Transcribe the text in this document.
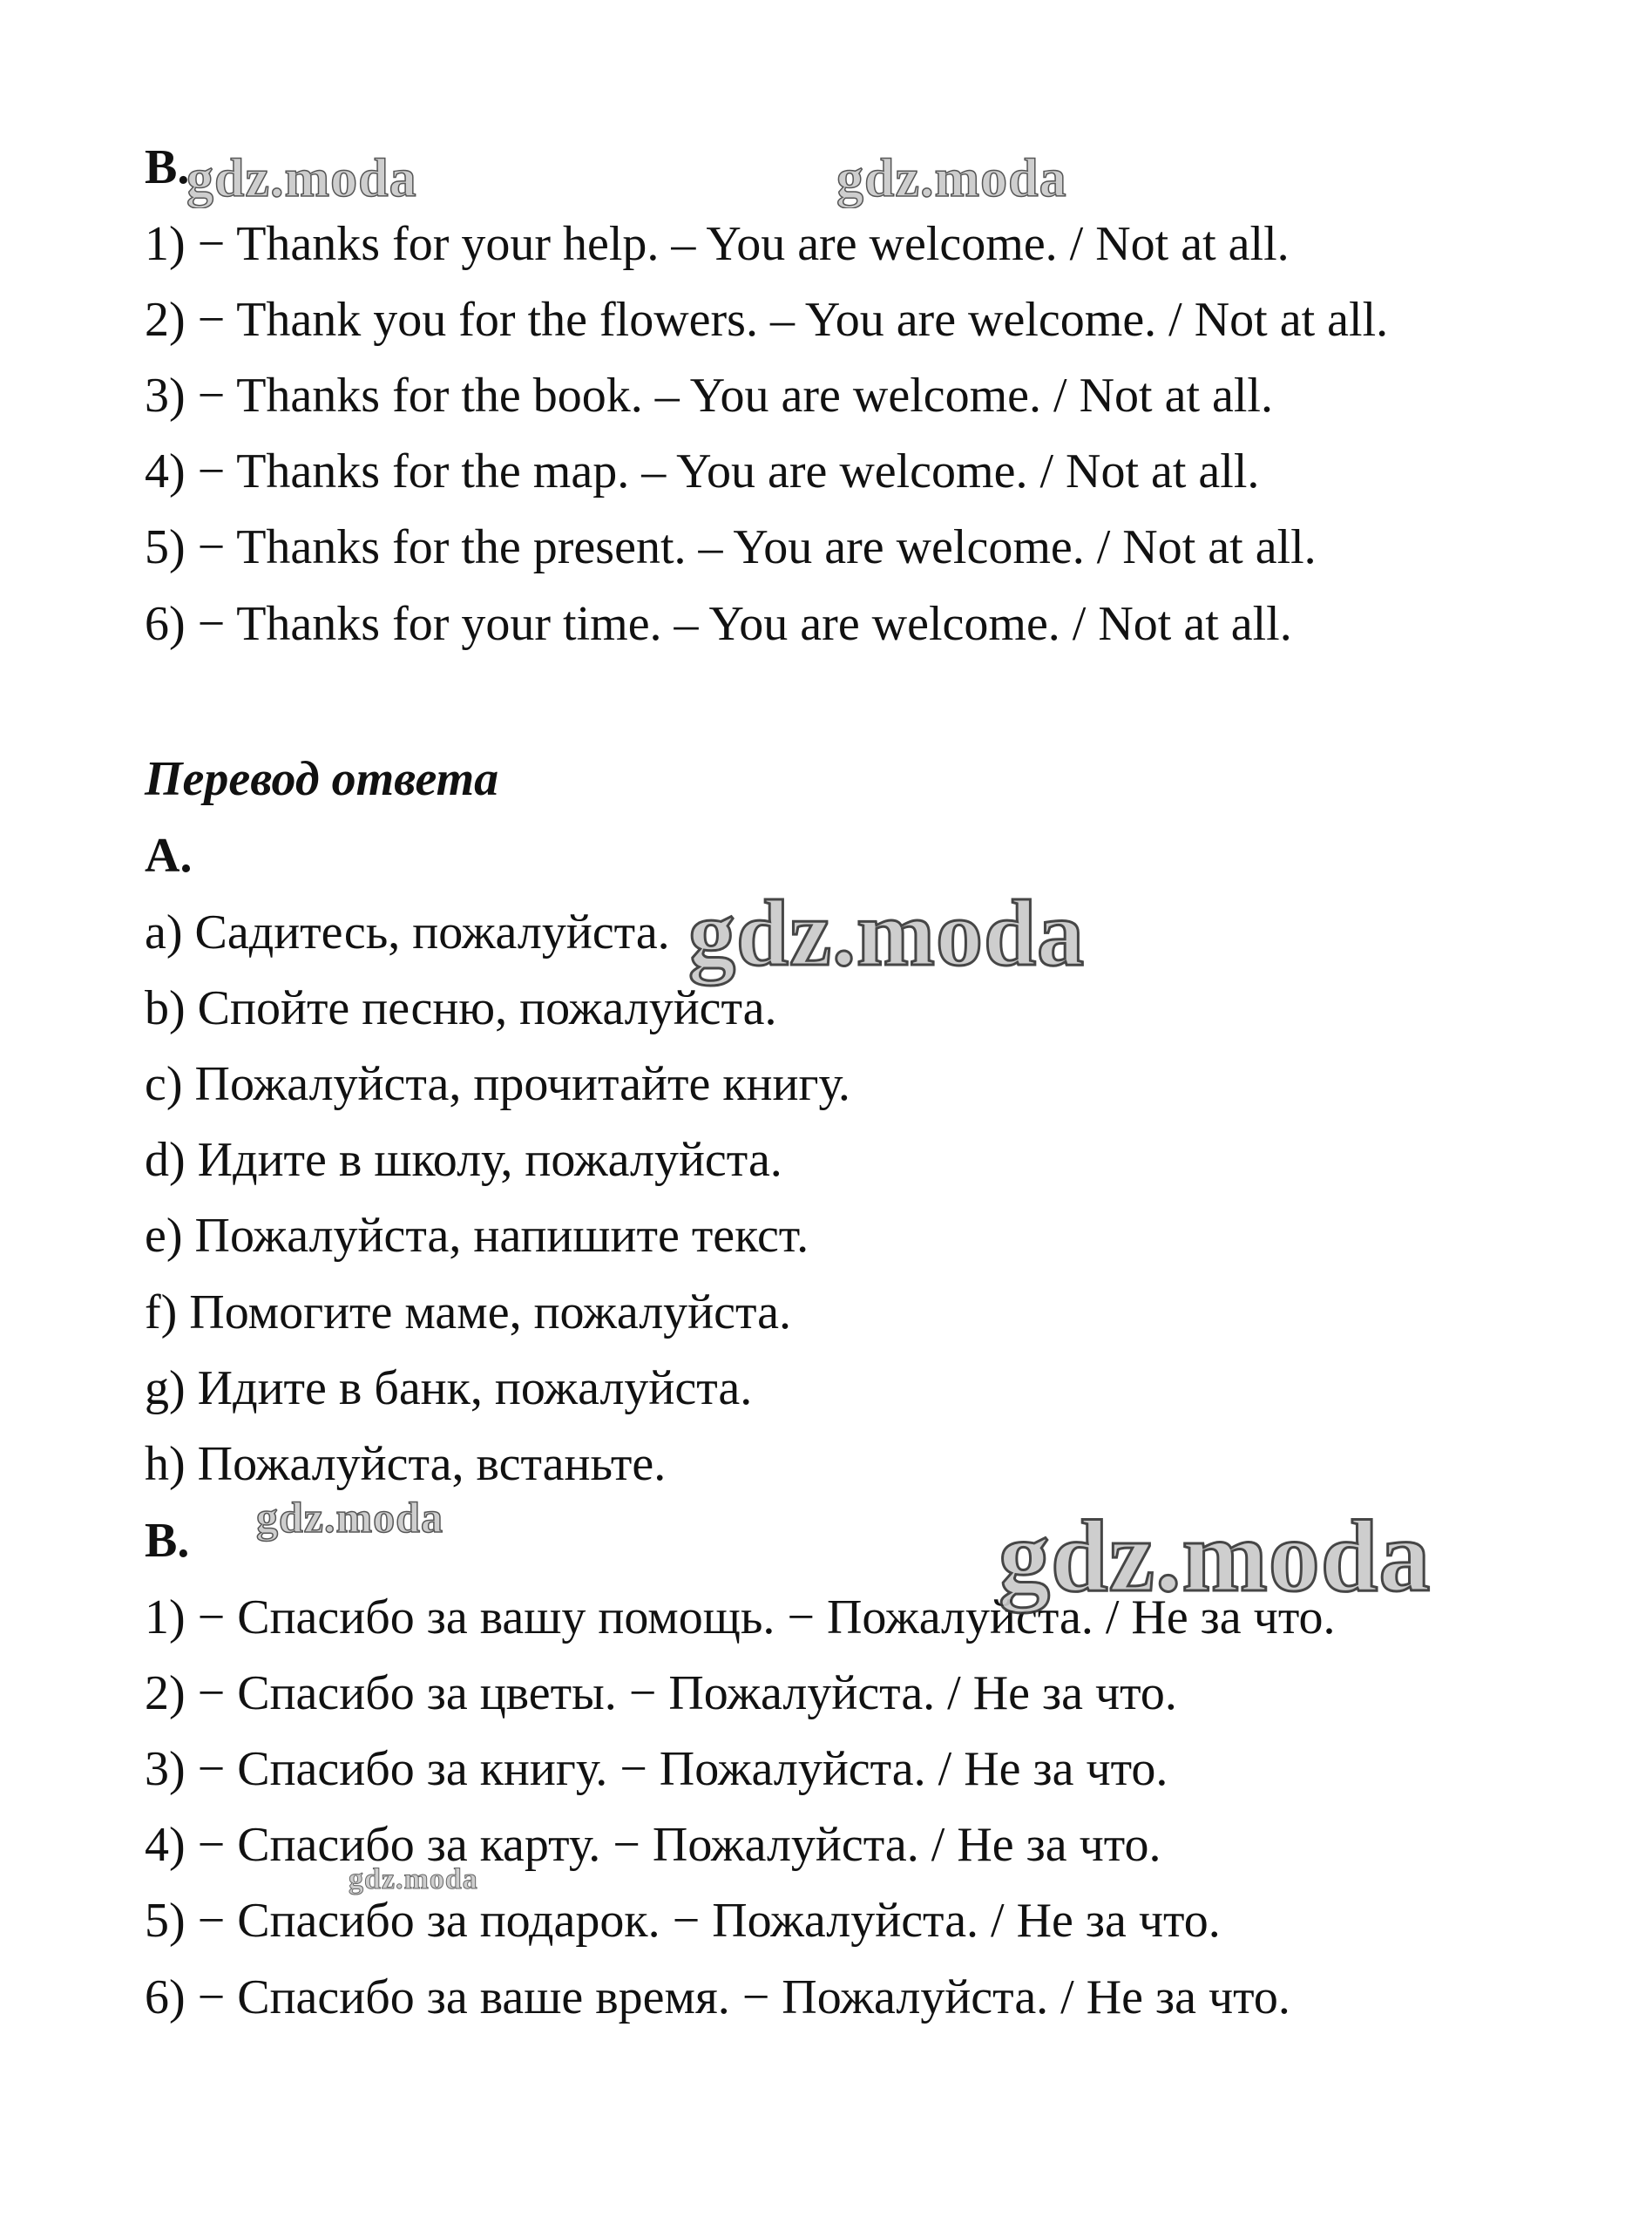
B.
1) − Thanks for your help. – You are welcome. / Not at all.
2) − Thank you for the flowers. – You are welcome. / Not at all.
3) − Thanks for the book. – You are welcome. / Not at all.
4) − Thanks for the map. – You are welcome. / Not at all.
5) − Thanks for the present. – You are welcome. / Not at all.
6) − Thanks for your time. – You are welcome. / Not at all.
Перевод ответа
A.
a) Садитесь, пожалуйста.
b) Спойте песню, пожалуйста.
c) Пожалуйста, прочитайте книгу.
d) Идите в школу, пожалуйста.
e) Пожалуйста, напишите текст.
f) Помогите маме, пожалуйста.
g) Идите в банк, пожалуйста.
h) Пожалуйста, встаньте.
B.
1) − Спасибо за вашу помощь. − Пожалуйста. / Не за что.
2) − Спасибо за цветы. − Пожалуйста. / Не за что.
3) − Спасибо за книгу. − Пожалуйста. / Не за что.
4) − Спасибо за карту. − Пожалуйста. / Не за что.
5) − Спасибо за подарок. − Пожалуйста. / Не за что.
6) − Спасибо за ваше время. − Пожалуйста. / Не за что.
gdz.moda	gdz.moda
gdz.moda
gdz.moda	gdz.moda
gdz.moda
